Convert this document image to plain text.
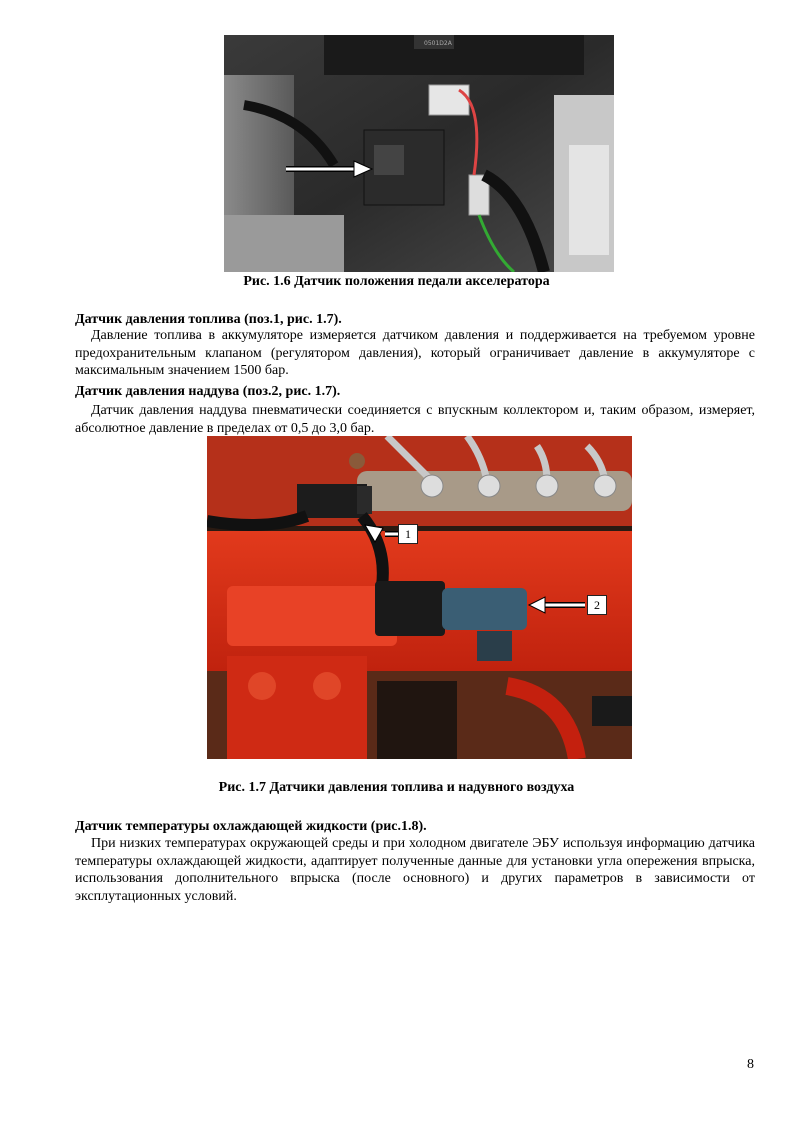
0501D2A
Рис. 1.6 Датчик положения педали акселератора
Датчик давления топлива (поз.1, рис. 1.7).
Давление топлива в аккумуляторе измеряется датчиком давления и поддерживается на требуемом уровне предохранительным клапаном (регулятором давления), который ограничивает давление в аккумуляторе с максимальным значением 1500 бар.
Датчик давления наддува (поз.2, рис. 1.7).
Датчик давления наддува пневматически соединяется с впускным коллектором и, таким образом, измеряет, абсолютное давление в пределах от 0,5 до 3,0 бар.
1
2
Рис. 1.7 Датчики давления топлива и надувного воздуха
Датчик температуры охлаждающей жидкости (рис.1.8).
При низких температурах окружающей среды и при холодном двигателе ЭБУ используя информацию датчика температуры охлаждающей жидкости, адаптирует полученные данные для установки угла опережения впрыска, использования дополнительного впрыска (после основного) и других параметров в зависимости от эксплутационных условий.
8
